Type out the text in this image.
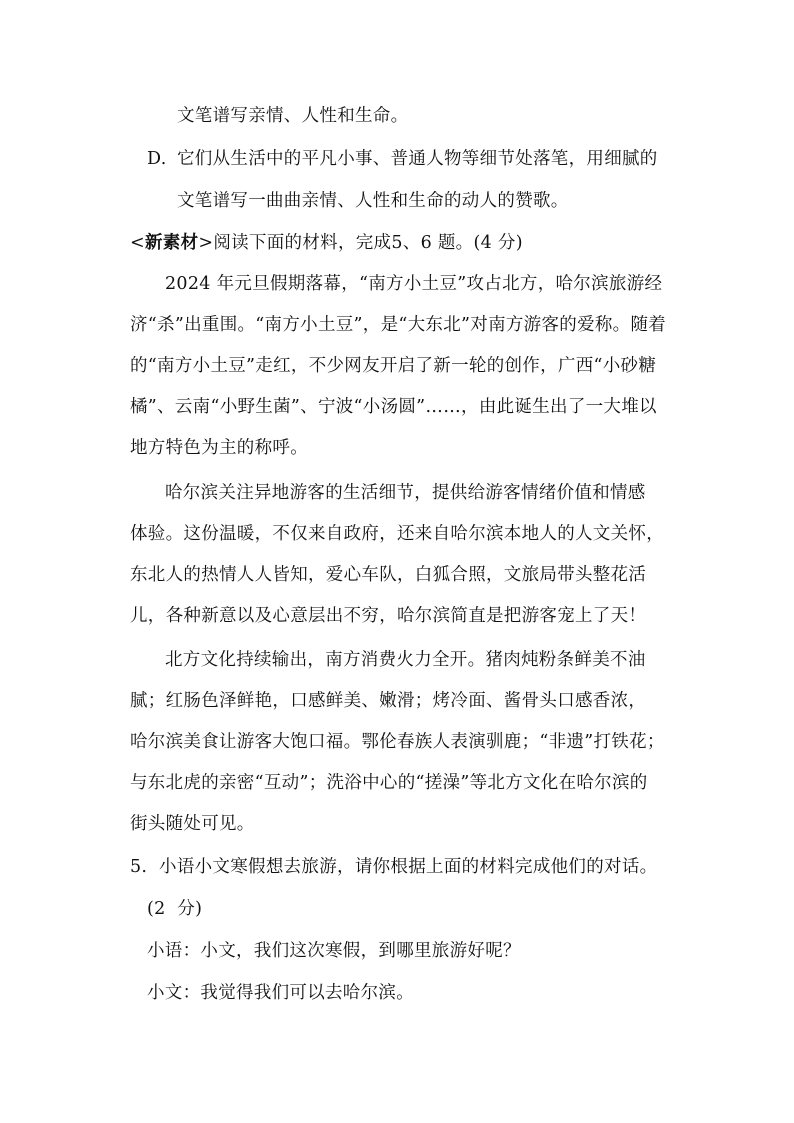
文笔谱写亲情、人性和生命。
D. 它们从生活中的平凡小事、普通人物等细节处落笔，用细腻的
文笔谱写一曲曲亲情、人性和生命的动人的赞歌。
<新素材>阅读下面的材料，完成5、6 题。(4 分)
2024 年元旦假期落幕，“南方小土豆”攻占北方，哈尔滨旅游经
济“杀”出重围。“南方小土豆”，是“大东北”对南方游客的爱称。随着
的“南方小土豆”走红，不少网友开启了新一轮的创作，广西“小砂糖
橘”、云南“小野生菌”、宁波“小汤圆”……，由此诞生出了一大堆以
地方特色为主的称呼。
哈尔滨关注异地游客的生活细节，提供给游客情绪价值和情感
体验。这份温暖，不仅来自政府，还来自哈尔滨本地人的人文关怀，
东北人的热情人人皆知，爱心车队，白狐合照，文旅局带头整花活
儿，各种新意以及心意层出不穷，哈尔滨简直是把游客宠上了天！
北方文化持续输出，南方消费火力全开。猪肉炖粉条鲜美不油
腻；红肠色泽鲜艳，口感鲜美、嫩滑；烤冷面、酱骨头口感香浓，
哈尔滨美食让游客大饱口福。鄂伦春族人表演驯鹿；“非遗”打铁花；
与东北虎的亲密“互动”；洗浴中心的“搓澡”等北方文化在哈尔滨的
街头随处可见。
5.  小语小文寒假想去旅游，请你根据上面的材料完成他们的对话。
(2  分)
小语：小文，我们这次寒假，到哪里旅游好呢？
小文：我觉得我们可以去哈尔滨。
